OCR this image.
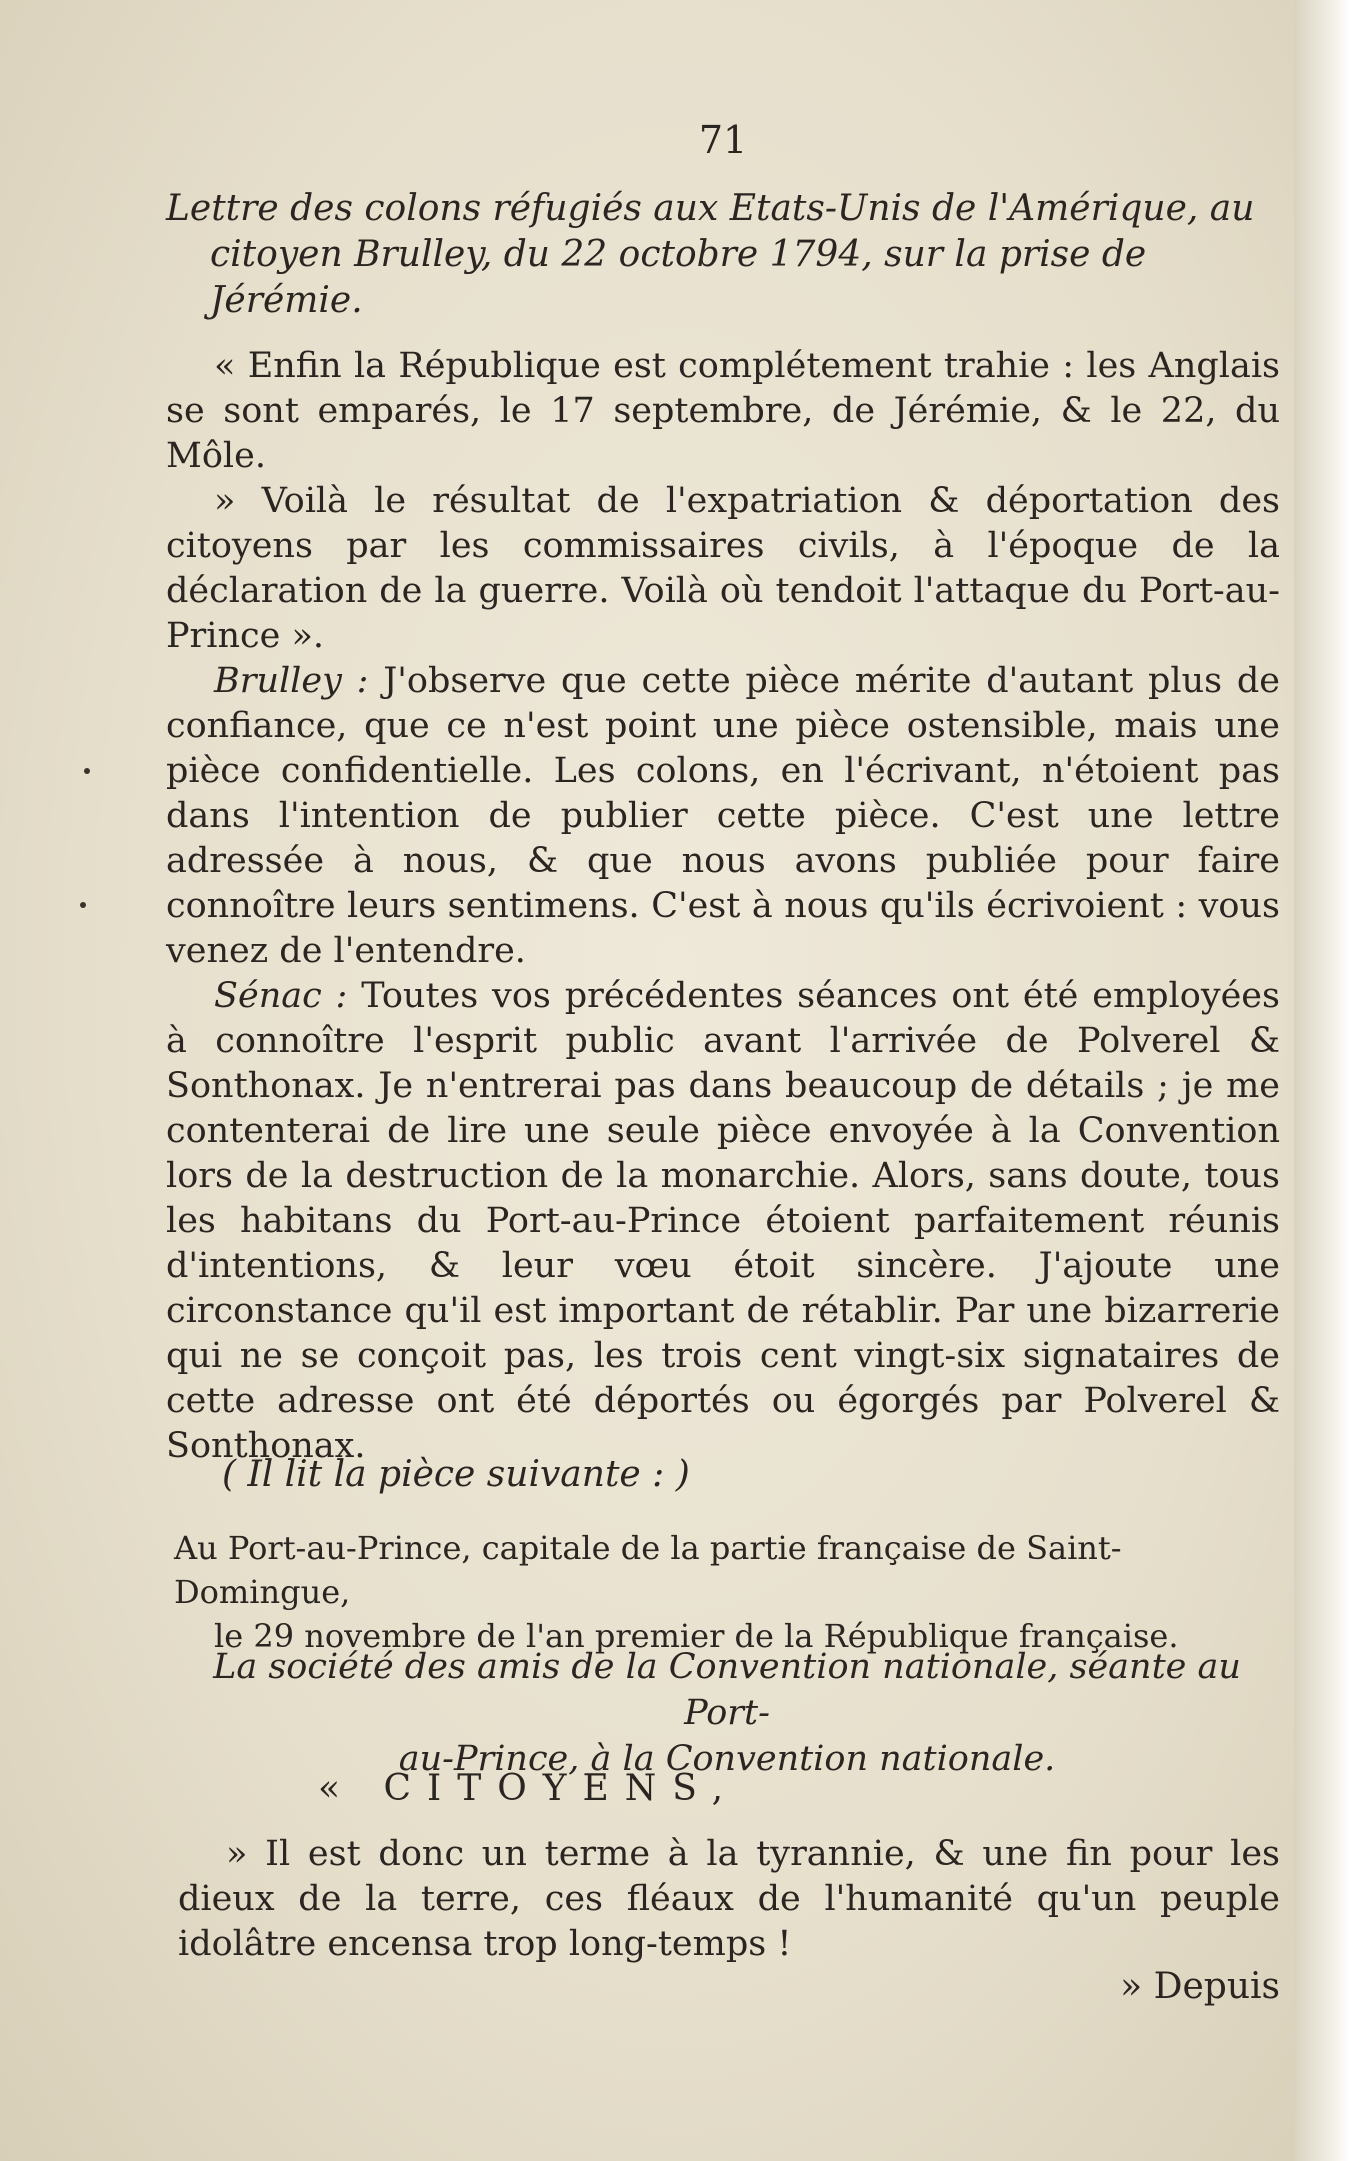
71
Lettre des colons réfugiés aux Etats-Unis de l'Amérique, au
citoyen Brulley, du 22 octobre 1794, sur la prise de
Jérémie.

« Enfin la République est complétement trahie : les Anglais se sont emparés, le 17 septembre, de Jérémie, & le 22, du Môle.

» Voilà le résultat de l'expatriation & déportation des citoyens par les commissaires civils, à l'époque de la déclaration de la guerre. Voilà où tendoit l'attaque du Port-au-Prince ».

Brulley : J'observe que cette pièce mérite d'autant plus de confiance, que ce n'est point une pièce ostensible, mais une pièce confidentielle. Les colons, en l'écrivant, n'étoient pas dans l'intention de publier cette pièce. C'est une lettre adressée à nous, & que nous avons publiée pour faire connoître leurs sentimens. C'est à nous qu'ils écrivoient : vous venez de l'entendre.

Sénac : Toutes vos précédentes séances ont été employées à connoître l'esprit public avant l'arrivée de Polverel & Sonthonax. Je n'entrerai pas dans beaucoup de détails ; je me contenterai de lire une seule pièce envoyée à la Convention lors de la destruction de la monarchie. Alors, sans doute, tous les habitans du Port-au-Prince étoient parfaitement réunis d'intentions, & leur vœu étoit sincère. J'ajoute une circonstance qu'il est important de rétablir. Par une bizarrerie qui ne se conçoit pas, les trois cent vingt-six signataires de cette adresse ont été déportés ou égorgés par Polverel & Sonthonax.

( Il lit la pièce suivante : )
Au Port-au-Prince, capitale de la partie française de Saint-Domingue,
le 29 novembre de l'an premier de la République française.
La société des amis de la Convention nationale, séante au Port-
au-Prince, à la Convention nationale.
« CITOYENS,

» Il est donc un terme à la tyrannie, & une fin pour les dieux de la terre, ces fléaux de l'humanité qu'un peuple idolâtre encensa trop long-temps !

» Depuis
